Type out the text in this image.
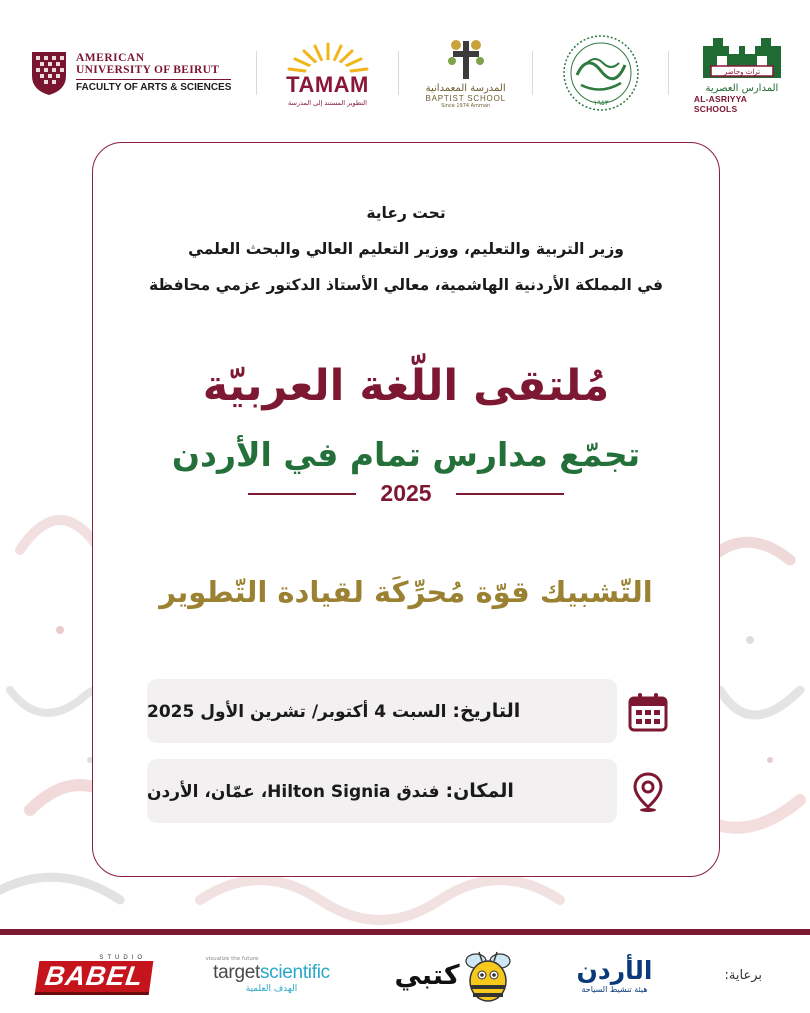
AMERICAN
UNIVERSITY OF BEIRUT
FACULTY OF ARTS & SCIENCES TAMAM
التطوير المستند إلى المدرسة
المدرسة المعمدانية
BAPTIST SCHOOL
Since 1974 Amman	١٩٥٣
تراث وحاضر
المدارس العصرية
AL-ASRIYYA SCHOOLS
تحت رعاية
وزير التربية والتعليم، ووزير التعليم العالي والبحث العلمي
في المملكة الأردنية الهاشمية، معالي الأستاذ الدكتور عزمي محافظة
مُلتقى اللّغة العربيّة
تجمّع مدارس تمام في الأردن
2025
التّشبيك قوّة مُحرِّكَة لقيادة التّطوير
التاريخ: السبت 4 أكتوبر/ تشرين الأول 2025
المكان: فندق Hilton Signia، عمّان، الأردن
STUDIO
BABEL
visualize the future
targetscientific
الهدف العلمية	كتبي	الأردن
هيئة تنشيط السياحة
برعاية:
